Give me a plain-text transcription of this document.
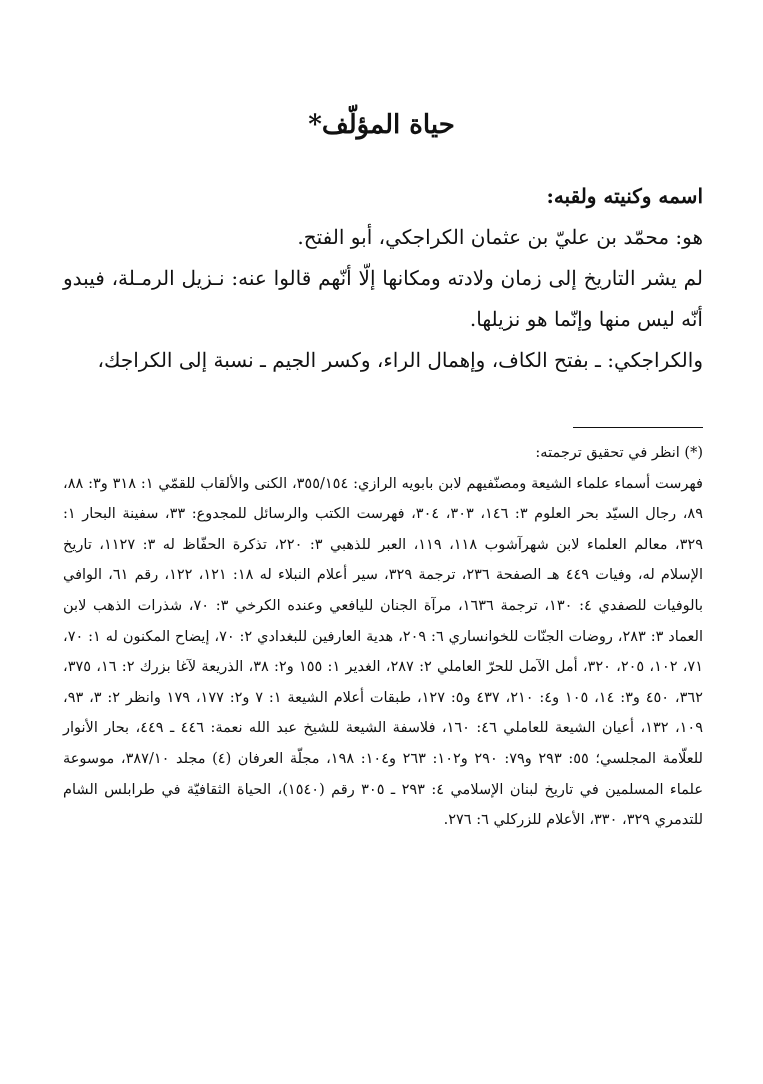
حياة المؤلّف*

اسمه وكنيته ولقبه:

هو: محمّد بن عليّ بن عثمان الكراجكي، أبو الفتح.

لم يشر التاريخ إلى زمان ولادته ومكانها إلّا أنّهم قالوا عنه: نـزيل الرمـلة، فيبدو أنّه ليس منها وإنّما هو نزيلها.

والكراجكي: ـ بفتح الكاف، وإهمال الراء، وكسر الجيم ـ نسبة إلى الكراجك،

(*) انظر في تحقيق ترجمته:

فهرست أسماء علماء الشيعة ومصنّفيهم لابن بابويه الرازي: ٣٥٥/١٥٤، الكنى والألقاب للقمّي ١: ٣١٨ و٣: ٨٨، ٨٩، رجال السيّد بحر العلوم ٣: ١٤٦، ٣٠٣، ٣٠٤، فهرست الكتب والرسائل للمجدوع: ٣٣، سفينة البحار ١: ٣٢٩، معالم العلماء لابن شهرآشوب ١١٨، ١١٩، العبر للذهبي ٣: ٢٢٠، تذكرة الحفّاظ له ٣: ١١٢٧، تاريخ الإسلام له، وفيات ٤٤٩ هـ الصفحة ٢٣٦، ترجمة ٣٢٩، سير أعلام النبلاء له ١٨: ١٢١، ١٢٢، رقم ٦١، الوافي بالوفيات للصفدي ٤: ١٣٠، ترجمة ١٦٣٦، مرآة الجنان لليافعي وعنده الكرخي ٣: ٧٠، شذرات الذهب لابن العماد ٣: ٢٨٣، روضات الجنّات للخوانساري ٦: ٢٠٩، هدية العارفين للبغدادي ٢: ٧٠، إيضاح المكنون له ١: ٧٠، ٧١، ١٠٢، ٢٠٥، ٣٢٠، أمل الآمل للحرّ العاملي ٢: ٢٨٧، الغدير ١: ١٥٥ و٢: ٣٨، الذريعة لآغا بزرك ٢: ١٦، ٣٧٥، ٣٦٢، ٤٥٠ و٣: ١٤، ١٠٥ و٤: ٢١٠، ٤٣٧ و٥: ١٢٧، طبقات أعلام الشيعة ١: ٧ و٢: ١٧٧، ١٧٩ وانظر ٢: ٣، ٩٣، ١٠٩، ١٣٢، أعيان الشيعة للعاملي ٤٦: ١٦٠، فلاسفة الشيعة للشيخ عبد الله نعمة: ٤٤٦ ـ ٤٤٩، بحار الأنوار للعلّامة المجلسي؛ ٥٥: ٢٩٣ و٧٩: ٢٩٠ و١٠٢: ٢٦٣ و١٠٤: ١٩٨، مجلّة العرفان (٤) مجلد ٣٨٧/١٠، موسوعة علماء المسلمين في تاريخ لبنان الإسلامي ٤: ٢٩٣ ـ ٣٠٥ رقم (١٥٤٠)، الحياة الثقافيّة في طرابلس الشام للتدمري ٣٢٩، ٣٣٠، الأعلام للزركلي ٦: ٢٧٦.
